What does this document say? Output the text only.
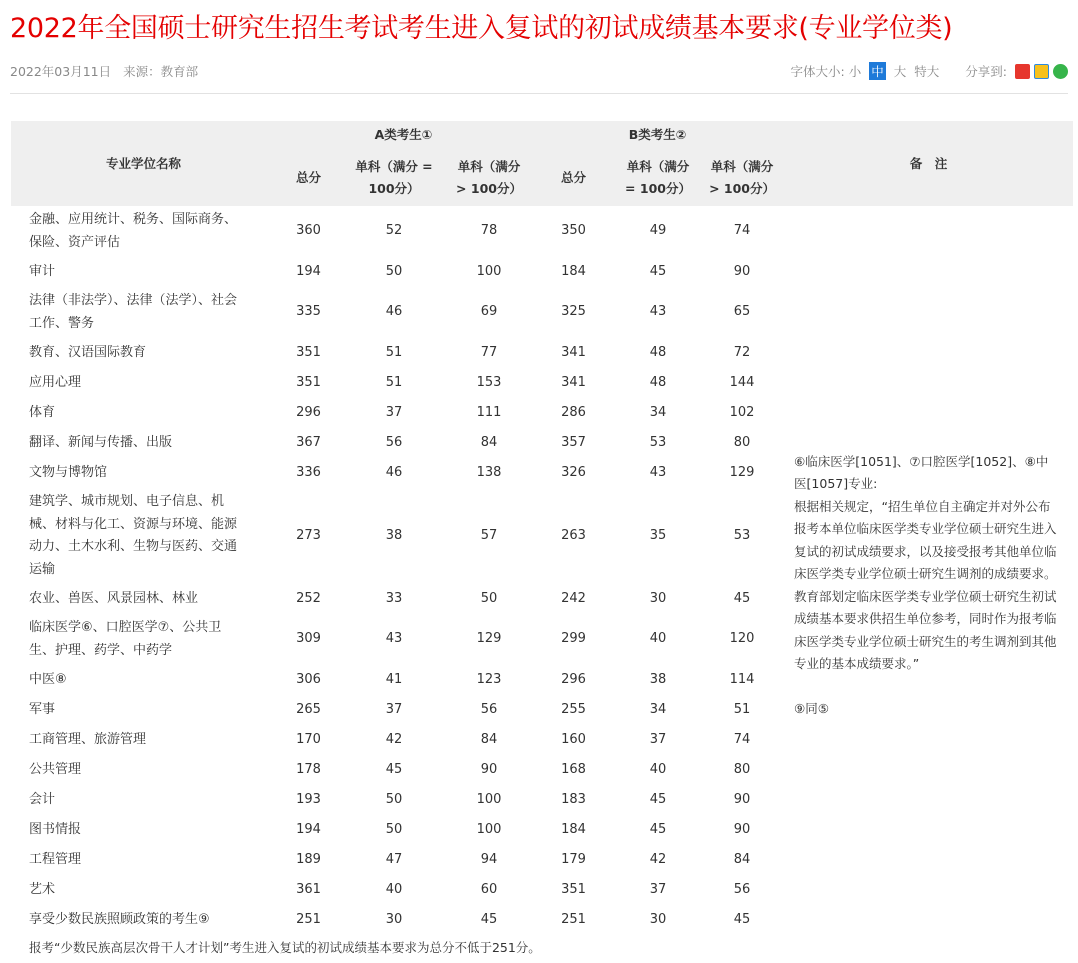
2022年全国硕士研究生招生考试考生进入复试的初试成绩基本要求(专业学位类)
2022年03月11日 来源：教育部	字体大小: 小 中 大 特大 分享到:
专业学位名称	A类考生①			B类考生②			备　注
	总分	单科（满分 = 100分）	单科（满分 > 100分）	总分	单科（满分 = 100分）	单科（满分 > 100分）	
金融、应用统计、税务、国际商务、保险、资产评估	360	52	78	350	49	74	⑥临床医学[1051]、⑦口腔医学[1052]、⑧中医[1057]专业:
根据相关规定，“招生单位自主确定并对外公布报考本单位临床医学类专业学位硕士研究生进入复试的初试成绩要求，以及接受报考其他单位临床医学类专业学位硕士研究生调剂的成绩要求。教育部划定临床医学类专业学位硕士研究生初试成绩基本要求供招生单位参考，同时作为报考临床医学类专业学位硕士研究生的考生调剂到其他专业的基本成绩要求。”
⑨同⑤

审计	194	50	100	184	45	90	
法律（非法学）、法律（法学）、社会工作、警务	335	46	69	325	43	65	
教育、汉语国际教育	351	51	77	341	48	72	
应用心理	351	51	153	341	48	144	
体育	296	37	111	286	34	102	
翻译、新闻与传播、出版	367	56	84	357	53	80	
文物与博物馆	336	46	138	326	43	129	
建筑学、城市规划、电子信息、机械、材料与化工、资源与环境、能源动力、土木水利、生物与医药、交通运输	273	38	57	263	35	53	
农业、兽医、风景园林、林业	252	33	50	242	30	45	
临床医学⑥、口腔医学⑦、公共卫生、护理、药学、中药学	309	43	129	299	40	120	
中医⑧	306	41	123	296	38	114	
军事	265	37	56	255	34	51	
工商管理、旅游管理	170	42	84	160	37	74	
公共管理	178	45	90	168	40	80	
会计	193	50	100	183	45	90	
图书情报	194	50	100	184	45	90	
工程管理	189	47	94	179	42	84	
艺术	361	40	60	351	37	56	
享受少数民族照顾政策的考生⑨	251	30	45	251	30	45	
报考“少数民族高层次骨干人才计划”考生进入复试的初试成绩基本要求为总分不低于251分。							
